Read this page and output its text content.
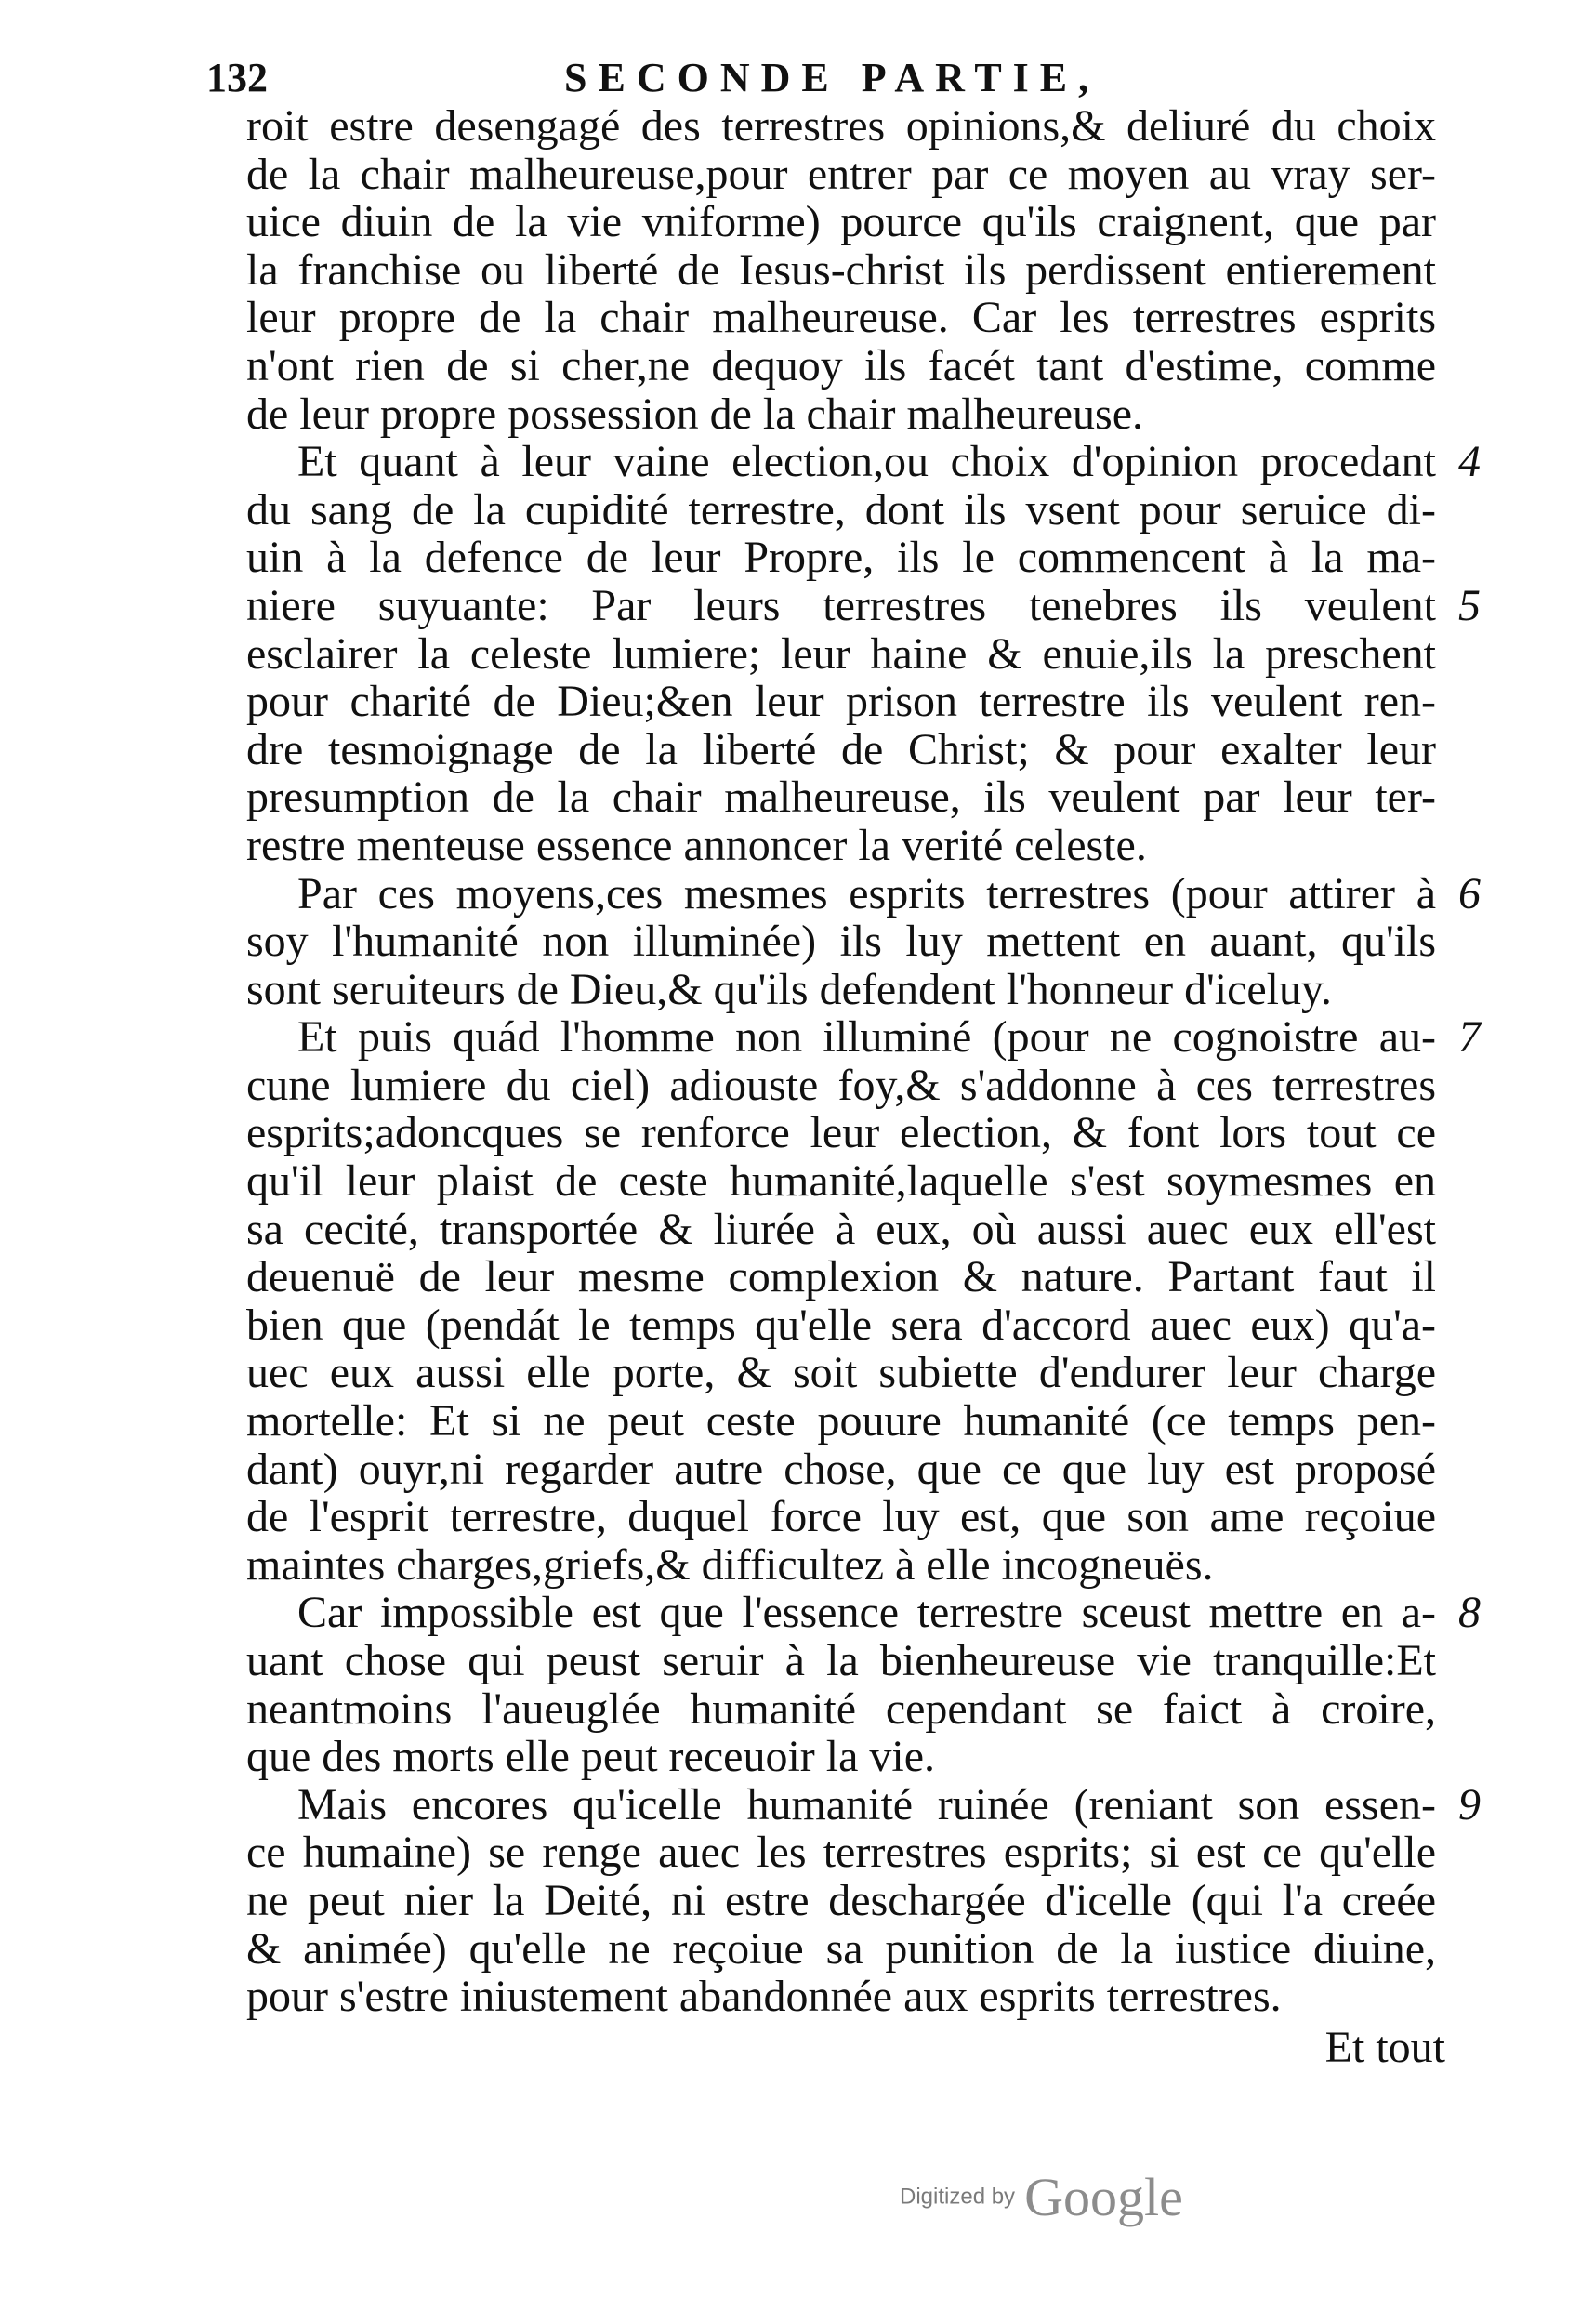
132	SECONDE PARTIE,
roit estre desengagé des terrestres opinions,& deliuré du choix
de la chair malheureuse,pour entrer par ce moyen au vray ser-
uice diuin de la vie vniforme) pource qu'ils craignent, que par
la franchise ou liberté de Iesus-christ ils perdissent entierement
leur propre de la chair malheureuse. Car les terrestres esprits
n'ont rien de si cher,ne dequoy ils facét tant d'estime, comme
de leur propre possession de la chair malheureuse.
Et quant à leur vaine election,ou choix d'opinion procedant 4
du sang de la cupidité terrestre, dont ils vsent pour seruice di-
uin à la defence de leur Propre, ils le commencent à la ma-
niere suyuante: Par leurs terrestres tenebres ils veulent 5
esclairer la celeste lumiere; leur haine & enuie,ils la preschent
pour charité de Dieu;&en leur prison terrestre ils veulent ren-
dre tesmoignage de la liberté de Christ; & pour exalter leur
presumption de la chair malheureuse, ils veulent par leur ter-
restre menteuse essence annoncer la verité celeste.
Par ces moyens,ces mesmes esprits terrestres (pour attirer à 6
soy l'humanité non illuminée) ils luy mettent en auant, qu'ils
sont seruiteurs de Dieu,& qu'ils defendent l'honneur d'iceluy.
Et puis quád l'homme non illuminé (pour ne cognoistre au- 7
cune lumiere du ciel) adiouste foy,& s'addonne à ces terrestres
esprits;adoncques se renforce leur election, & font lors tout ce
qu'il leur plaist de ceste humanité,laquelle s'est soymesmes en
sa cecité, transportée & liurée à eux, où aussi auec eux ell'est
deuenuë de leur mesme complexion & nature. Partant faut il
bien que (pendát le temps qu'elle sera d'accord auec eux) qu'a-
uec eux aussi elle porte, & soit subiette d'endurer leur charge
mortelle: Et si ne peut ceste pouure humanité (ce temps pen-
dant) ouyr,ni regarder autre chose, que ce que luy est proposé
de l'esprit terrestre, duquel force luy est, que son ame reçoiue
maintes charges,griefs,& difficultez à elle incogneuës.
Car impossible est que l'essence terrestre sceust mettre en a- 8
uant chose qui peust seruir à la bienheureuse vie tranquille:Et
neantmoins l'aueuglée humanité cependant se faict à croire,
que des morts elle peut receuoir la vie.
Mais encores qu'icelle humanité ruinée (reniant son essen- 9
ce humaine) se renge auec les terrestres esprits; si est ce qu'elle
ne peut nier la Deité, ni estre deschargée d'icelle (qui l'a creée
& animée) qu'elle ne reçoiue sa punition de la iustice diuine,
pour s'estre iniustement abandonnée aux esprits terrestres.
Et tout
Digitized by Google
